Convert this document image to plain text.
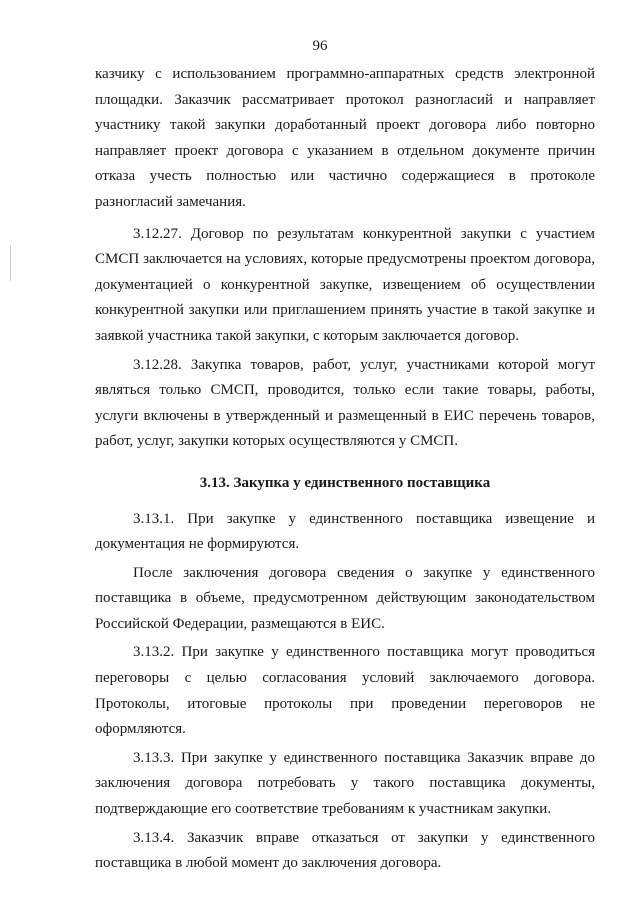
96

казчику с использованием программно-аппаратных средств электронной площадки. Заказчик рассматривает протокол разногласий и направляет участнику такой закупки доработанный проект договора либо повторно направляет проект договора с указанием в отдельном документе причин отказа учесть полностью или частично содержащиеся в протоколе разногласий замечания.

3.12.27. Договор по результатам конкурентной закупки с участием СМСП заключается на условиях, которые предусмотрены проектом договора, документацией о конкурентной закупке, извещением об осуществлении конкурентной закупки или приглашением принять участие в такой закупке и заявкой участника такой закупки, с которым заключается договор.

3.12.28. Закупка товаров, работ, услуг, участниками которой могут являться только СМСП, проводится, только если такие товары, работы, услуги включены в утвержденный и размещенный в ЕИС перечень товаров, работ, услуг, закупки которых осуществляются у СМСП.

3.13. Закупка у единственного поставщика

3.13.1. При закупке у единственного поставщика извещение и документация не формируются.

После заключения договора сведения о закупке у единственного поставщика в объеме, предусмотренном действующим законодательством Российской Федерации, размещаются в ЕИС.

3.13.2. При закупке у единственного поставщика могут проводиться переговоры с целью согласования условий заключаемого договора. Протоколы, итоговые протоколы при проведении переговоров не оформляются.

3.13.3. При закупке у единственного поставщика Заказчик вправе до заключения договора потребовать у такого поставщика документы, подтверждающие его соответствие требованиям к участникам закупки.

3.13.4. Заказчик вправе отказаться от закупки у единственного поставщика в любой момент до заключения договора.
